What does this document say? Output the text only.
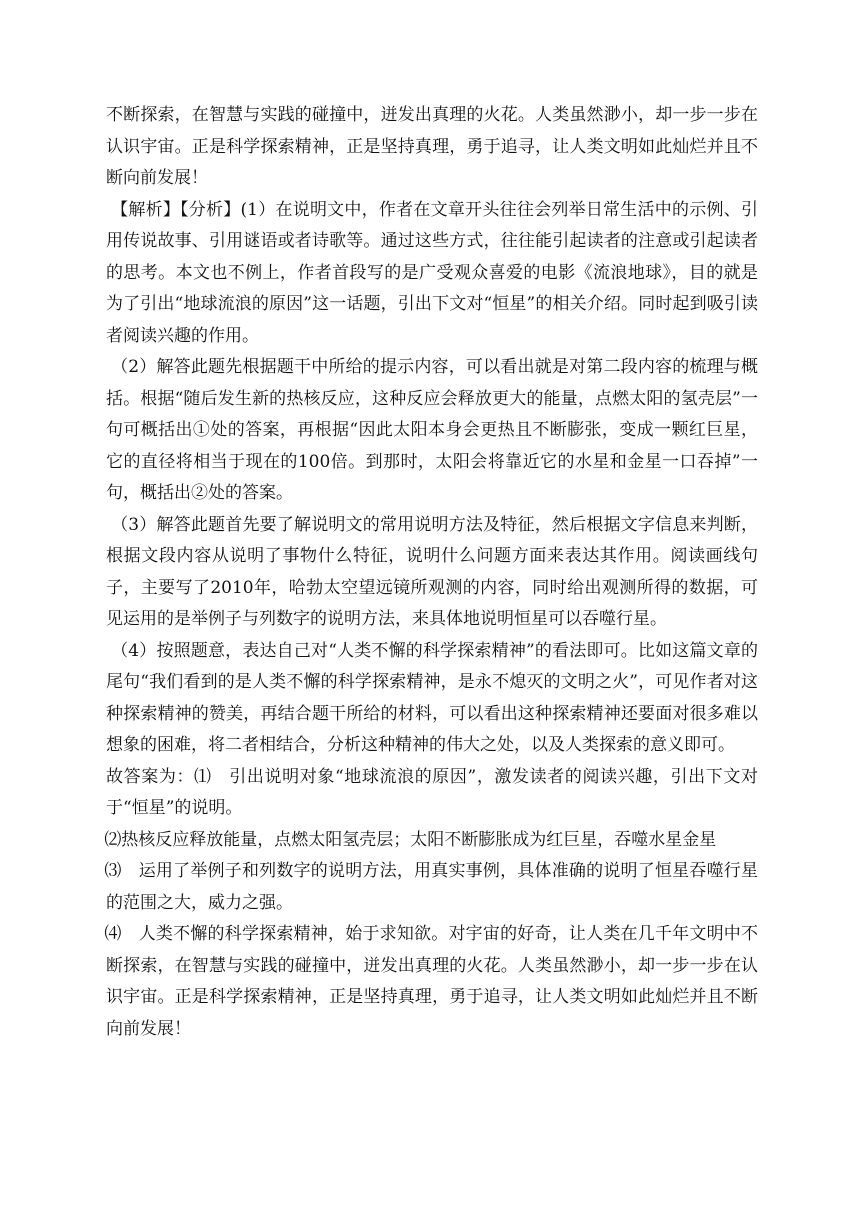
不断探索，在智慧与实践的碰撞中，迸发出真理的火花。人类虽然渺小，却一步一步在认识宇宙。正是科学探索精神，正是坚持真理，勇于追寻，让人类文明如此灿烂并且不断向前发展！

【解析】【分析】(1）在说明文中，作者在文章开头往往会列举日常生活中的示例、引用传说故事、引用谜语或者诗歌等。通过这些方式，往往能引起读者的注意或引起读者的思考。本文也不例上，作者首段写的是广受观众喜爱的电影《流浪地球》，目的就是为了引出“地球流浪的原因”这一话题，引出下文对“恒星”的相关介绍。同时起到吸引读者阅读兴趣的作用。

（2）解答此题先根据题干中所给的提示内容，可以看出就是对第二段内容的梳理与概括。根据“随后发生新的热核反应，这种反应会释放更大的能量，点燃太阳的氢壳层”一句可概括出①处的答案，再根据“因此太阳本身会更热且不断膨张，变成一颗红巨星，它的直径将相当于现在的100倍。到那时，太阳会将靠近它的水星和金星一口吞掉”一句，概括出②处的答案。

（3）解答此题首先要了解说明文的常用说明方法及特征，然后根据文字信息来判断，根据文段内容从说明了事物什么特征，说明什么问题方面来表达其作用。阅读画线句子，主要写了2010年，哈勃太空望远镜所观测的内容，同时给出观测所得的数据，可见运用的是举例子与列数字的说明方法，来具体地说明恒星可以吞噬行星。

（4）按照题意，表达自己对“人类不懈的科学探索精神”的看法即可。比如这篇文章的尾句“我们看到的是人类不懈的科学探索精神，是永不熄灭的文明之火”，可见作者对这种探索精神的赞美，再结合题干所给的材料，可以看出这种探索精神还要面对很多难以想象的困难，将二者相结合，分析这种精神的伟大之处，以及人类探索的意义即可。

故答案为：⑴　引出说明对象“地球流浪的原因”，激发读者的阅读兴趣，引出下文对于“恒星”的说明。

⑵热核反应释放能量，点燃太阳氢壳层；太阳不断膨胀成为红巨星，吞噬水星金星

⑶　运用了举例子和列数字的说明方法，用真实事例，具体准确的说明了恒星吞噬行星的范围之大，威力之强。

⑷　人类不懈的科学探索精神，始于求知欲。对宇宙的好奇，让人类在几千年文明中不断探索，在智慧与实践的碰撞中，迸发出真理的火花。人类虽然渺小，却一步一步在认识宇宙。正是科学探索精神，正是坚持真理，勇于追寻，让人类文明如此灿烂并且不断向前发展！
